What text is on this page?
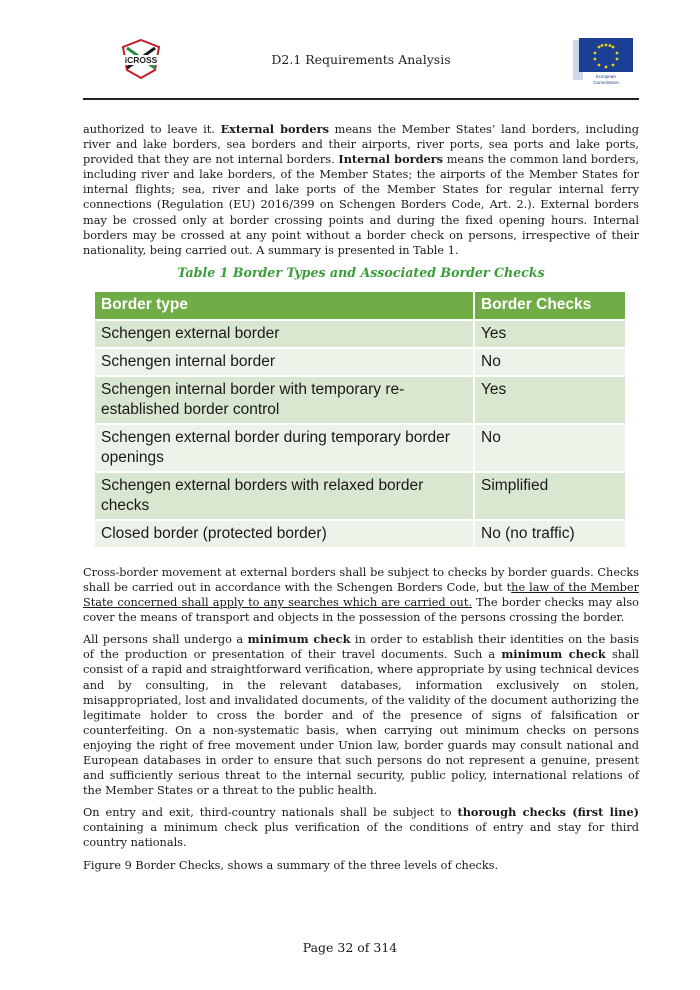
iCROSS	D2.1 Requirements Analysis
European
Commission

authorized to leave it. External borders means the Member States’ land borders, including river and lake borders, sea borders and their airports, river ports, sea ports and lake ports, provided that they are not internal borders. Internal borders means the common land borders, including river and lake borders, of the Member States; the airports of the Member States for internal flights; sea, river and lake ports of the Member States for regular internal ferry connections (Regulation (EU) 2016/399 on Schengen Borders Code, Art. 2.). External borders may be crossed only at border crossing points and during the fixed opening hours. Internal borders may be crossed at any point without a border check on persons, irrespective of their nationality, being carried out. A summary is presented in Table 1.

Table 1 Border Types and Associated Border Checks
Border type	Border Checks
Schengen external border	Yes
Schengen internal border	No
Schengen internal border with temporary re-established border control	Yes
Schengen external border during temporary border openings	No
Schengen external borders with relaxed border checks	Simplified
Closed border (protected border)	No (no traffic)

Cross-border movement at external borders shall be subject to checks by border guards. Checks shall be carried out in accordance with the Schengen Borders Code, but the law of the Member State concerned shall apply to any searches which are carried out. The border checks may also cover the means of transport and objects in the possession of the persons crossing the border.

All persons shall undergo a minimum check in order to establish their identities on the basis of the production or presentation of their travel documents. Such a minimum check shall consist of a rapid and straightforward verification, where appropriate by using technical devices and by consulting, in the relevant databases, information exclusively on stolen, misappropriated, lost and invalidated documents, of the validity of the document authorizing the legitimate holder to cross the border and of the presence of signs of falsification or counterfeiting. On a non-systematic basis, when carrying out minimum checks on persons enjoying the right of free movement under Union law, border guards may consult national and European databases in order to ensure that such persons do not represent a genuine, present and sufficiently serious threat to the internal security, public policy, international relations of the Member States or a threat to the public health.

On entry and exit, third-country nationals shall be subject to thorough checks (first line) containing a minimum check plus verification of the conditions of entry and stay for third country nationals.

Figure 9 Border Checks, shows a summary of the three levels of checks.

Page 32 of 314
